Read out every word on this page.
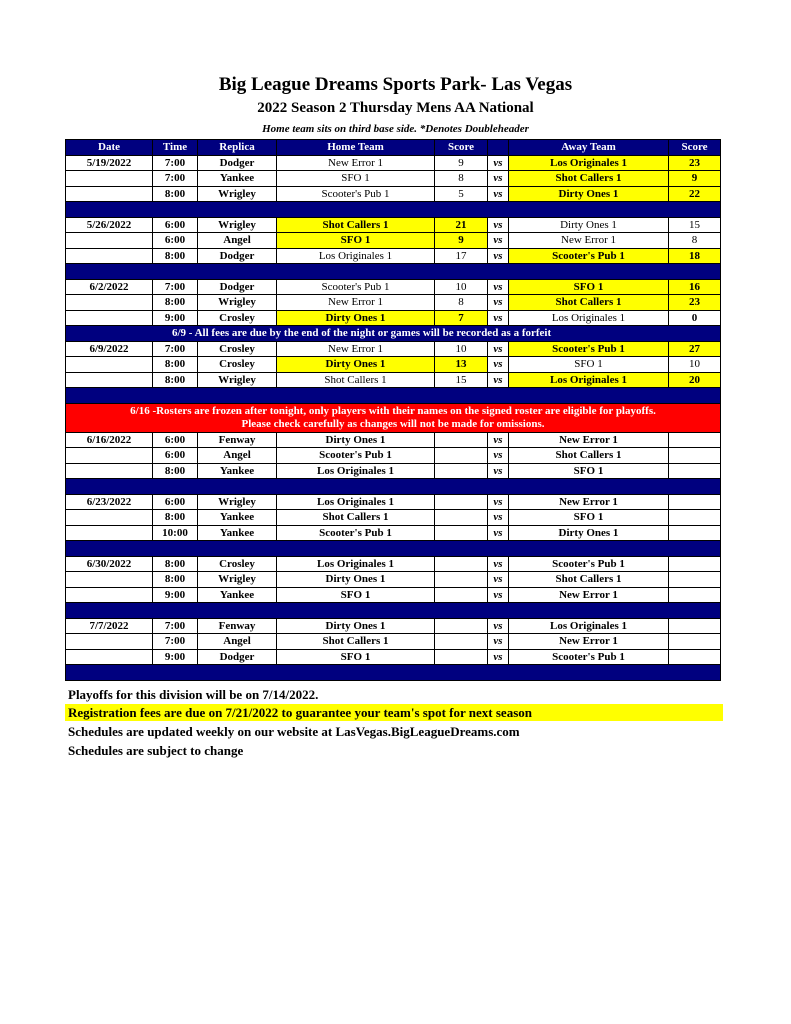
Big League Dreams Sports Park- Las Vegas
2022 Season 2 Thursday Mens AA National
Home team sits on third base side. *Denotes Doubleheader
Date	Time	Replica	Home Team	Score		Away Team	Score
5/19/2022	7:00	Dodger	New Error 1	9	vs	Los Originales 1	23
	7:00	Yankee	SFO 1	8	vs	Shot Callers 1	9
	8:00	Wrigley	Scooter's Pub 1	5	vs	Dirty Ones 1	22

5/26/2022	6:00	Wrigley	Shot Callers 1	21	vs	Dirty Ones 1	15
	6:00	Angel	SFO 1	9	vs	New Error 1	8
	8:00	Dodger	Los Originales 1	17	vs	Scooter's Pub 1	18

6/2/2022	7:00	Dodger	Scooter's Pub 1	10	vs	SFO 1	16
	8:00	Wrigley	New Error 1	8	vs	Shot Callers 1	23
	9:00	Crosley	Dirty Ones 1	7	vs	Los Originales 1	0
6/9 - All fees are due by the end of the night or games will be recorded as a forfeit							
6/9/2022	7:00	Crosley	New Error 1	10	vs	Scooter's Pub 1	27
	8:00	Crosley	Dirty Ones 1	13	vs	SFO 1	10
	8:00	Wrigley	Shot Callers 1	15	vs	Los Originales 1	20

6/16 -Rosters are frozen after tonight, only players with their names on the signed roster are eligible for playoffs.
Please check carefully as changes will not be made for omissions.							

6/16/2022	6:00	Fenway	Dirty Ones 1		vs	New Error 1	
	6:00	Angel	Scooter's Pub 1		vs	Shot Callers 1	
	8:00	Yankee	Los Originales 1		vs	SFO 1	

6/23/2022	6:00	Wrigley	Los Originales 1		vs	New Error 1	
	8:00	Yankee	Shot Callers 1		vs	SFO 1	
	10:00	Yankee	Scooter's Pub 1		vs	Dirty Ones 1	

6/30/2022	8:00	Crosley	Los Originales 1		vs	Scooter's Pub 1	
	8:00	Wrigley	Dirty Ones 1		vs	Shot Callers 1	
	9:00	Yankee	SFO 1		vs	New Error 1	

7/7/2022	7:00	Fenway	Dirty Ones 1		vs	Los Originales 1	
	7:00	Angel	Shot Callers 1		vs	New Error 1	
	9:00	Dodger	SFO 1		vs	Scooter's Pub 1	

Playoffs for this division will be on 7/14/2022.
Registration fees are due on 7/21/2022 to guarantee your team's spot for next season
Schedules are updated weekly on our website at LasVegas.BigLeagueDreams.com
Schedules are subject to change
